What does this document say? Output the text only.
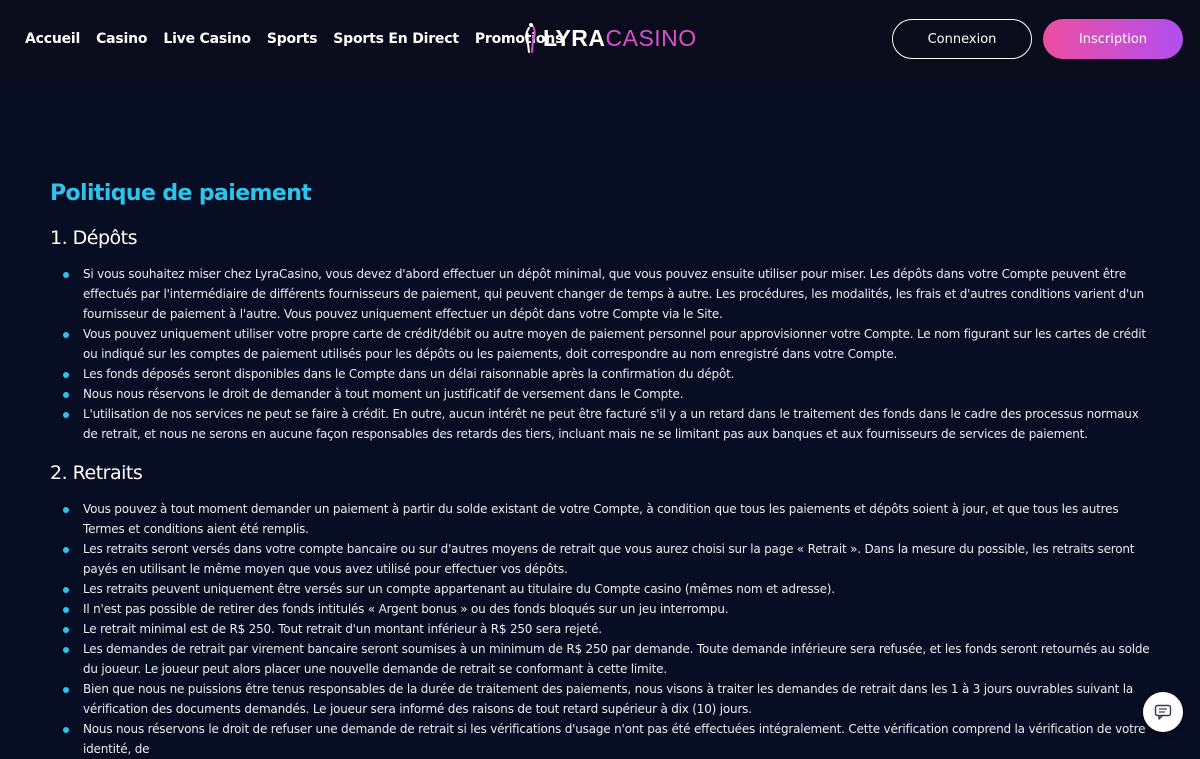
Accueil Casino Live Casino Sports Sports En Direct Promotions
LYRACASINO	Connexion	Inscription
Politique de paiement
1. Dépôts
Si vous souhaitez miser chez LyraCasino, vous devez d'abord effectuer un dépôt minimal, que vous pouvez ensuite utiliser pour miser. Les dépôts dans votre Compte peuvent être effectués par l'intermédiaire de différents fournisseurs de paiement, qui peuvent changer de temps à autre. Les procédures, les modalités, les frais et d'autres conditions varient d'un fournisseur de paiement à l'autre. Vous pouvez uniquement effectuer un dépôt dans votre Compte via le Site.
Vous pouvez uniquement utiliser votre propre carte de crédit/débit ou autre moyen de paiement personnel pour approvisionner votre Compte. Le nom figurant sur les cartes de crédit ou indiqué sur les comptes de paiement utilisés pour les dépôts ou les paiements, doit correspondre au nom enregistré dans votre Compte.
Les fonds déposés seront disponibles dans le Compte dans un délai raisonnable après la confirmation du dépôt.
Nous nous réservons le droit de demander à tout moment un justificatif de versement dans le Compte.
L'utilisation de nos services ne peut se faire à crédit. En outre, aucun intérêt ne peut être facturé s'il y a un retard dans le traitement des fonds dans le cadre des processus normaux de retrait, et nous ne serons en aucune façon responsables des retards des tiers, incluant mais ne se limitant pas aux banques et aux fournisseurs de services de paiement.
2. Retraits
Vous pouvez à tout moment demander un paiement à partir du solde existant de votre Compte, à condition que tous les paiements et dépôts soient à jour, et que tous les autres Termes et conditions aient été remplis.
Les retraits seront versés dans votre compte bancaire ou sur d'autres moyens de retrait que vous aurez choisi sur la page « Retrait ». Dans la mesure du possible, les retraits seront payés en utilisant le même moyen que vous avez utilisé pour effectuer vos dépôts.
Les retraits peuvent uniquement être versés sur un compte appartenant au titulaire du Compte casino (mêmes nom et adresse).
Il n'est pas possible de retirer des fonds intitulés « Argent bonus » ou des fonds bloqués sur un jeu interrompu.
Le retrait minimal est de R$ 250. Tout retrait d'un montant inférieur à R$ 250 sera rejeté.
Les demandes de retrait par virement bancaire seront soumises à un minimum de R$ 250 par demande. Toute demande inférieure sera refusée, et les fonds seront retournés au solde du joueur. Le joueur peut alors placer une nouvelle demande de retrait se conformant à cette limite.
Bien que nous ne puissions être tenus responsables de la durée de traitement des paiements, nous visons à traiter les demandes de retrait dans les 1 à 3 jours ouvrables suivant la vérification des documents demandés. Le joueur sera informé des raisons de tout retard supérieur à dix (10) jours.
Nous nous réservons le droit de refuser une demande de retrait si les vérifications d'usage n'ont pas été effectuées intégralement. Cette vérification comprend la vérification de votre identité, de
